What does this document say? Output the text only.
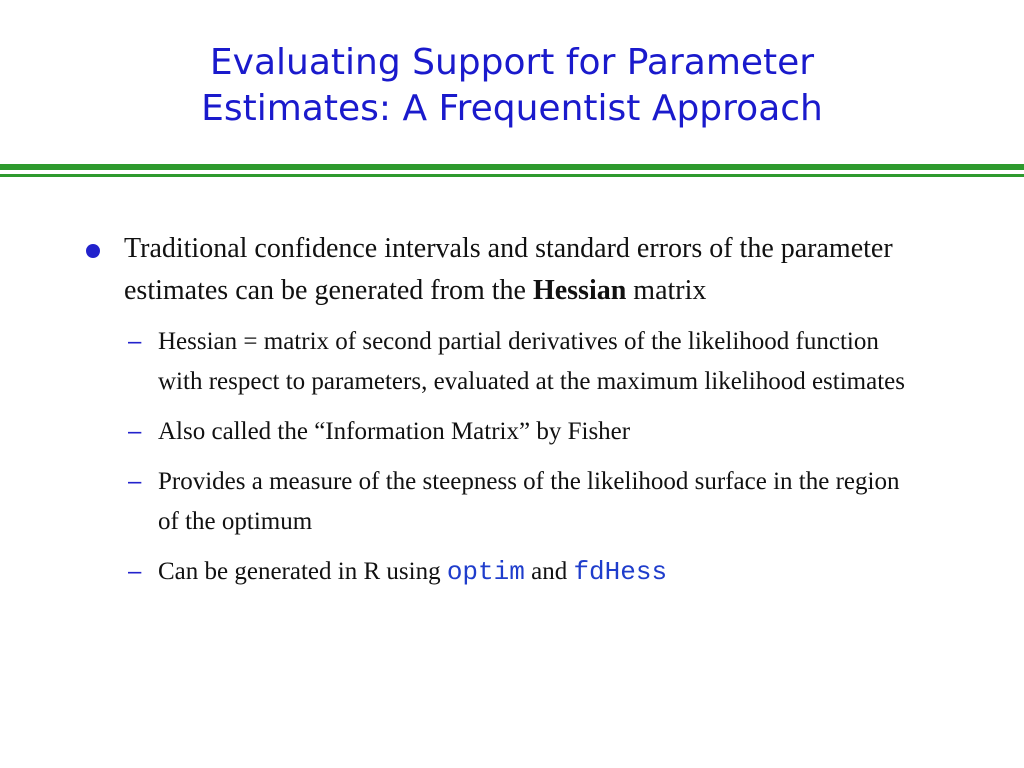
Evaluating Support for Parameter
Estimates: A Frequentist Approach
Traditional confidence intervals and standard errors of the parameter estimates can be generated from the Hessian matrix
– Hessian = matrix of second partial derivatives of the likelihood function with respect to parameters, evaluated at the maximum likelihood estimates
– Also called the “Information Matrix” by Fisher
– Provides a measure of the steepness of the likelihood surface in the region of the optimum
– Can be generated in R using optim and fdHess
